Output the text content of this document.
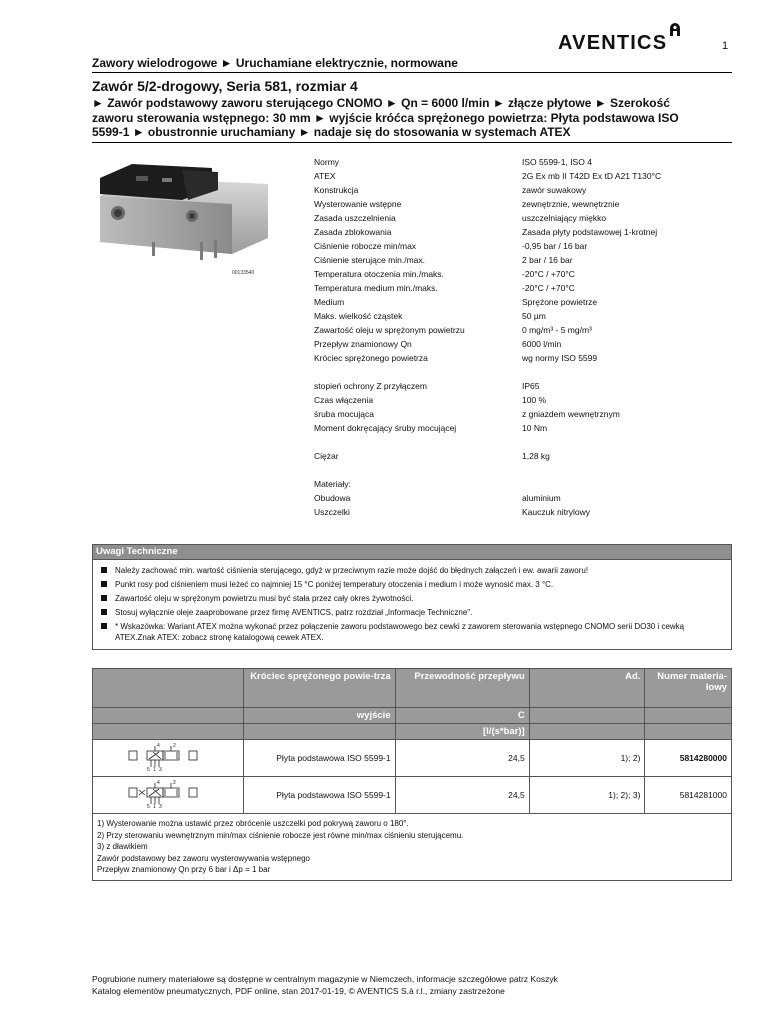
AVENTICS	1
Zawory wielodrogowe ► Uruchamiane elektrycznie, normowane
Zawór 5/2-drogowy, Seria 581, rozmiar 4
► Zawór podstawowy zaworu sterującego CNOMO ► Qn = 6000 l/min ► złącze płytowe ► Szerokość zaworu sterowania wstępnego: 30 mm ► wyjście króćca sprężonego powietrza: Płyta podstawowa ISO 5599-1 ► obustronnie uruchamiany ► nadaje się do stosowania w systemach ATEX
00133540
Normy	ISO 5599-1, ISO 4
ATEX	2G Ex mb II T42D Ex tD A21 T130°C
Konstrukcja	zawór suwakowy
Wysterowanie wstępne	zewnętrznie, wewnętrznie
Zasada uszczelnienia	uszczelniający miękko
Zasada zblokowania	Zasada płyty podstawowej 1-krotnej
Ciśnienie robocze min/max	-0,95 bar / 16 bar
Ciśnienie sterujące min./max.	2 bar / 16 bar
Temperatura otoczenia min./maks.	-20°C / +70°C
Temperatura medium min./maks.	-20°C / +70°C
Medium	Sprężone powietrze
Maks. wielkość cząstek	50 µm
Zawartość oleju w sprężonym powietrzu	0 mg/m³ - 5 mg/m³
Przepływ znamionowy Qn	6000 l/min
Króciec sprężonego powietrza	wg normy ISO 5599
stopień ochrony Z przyłączem	IP65
Czas włączenia	100 %
śruba mocująca	z gniazdem wewnętrznym
Moment dokręcający śruby mocującej	10 Nm
Ciężar	1,28 kg
Materiały:
Obudowa	aluminium
Uszczelki	Kauczuk nitrylowy
Uwagi Techniczne
Należy zachować min. wartość ciśnienia sterującego, gdyż w przeciwnym razie może dojść do błędnych załączeń i ew. awarii zaworu!
Punkt rosy pod ciśnieniem musi leżeć co najmniej 15 °C poniżej temperatury otoczenia i medium i może wynosić max. 3 °C.
Zawartość oleju w sprężonym powietrzu musi być stała przez cały okres żywotności.
Stosuj wyłącznie oleje zaaprobowane przez firmę AVENTICS, patrz rozdział „Informacje Techniczne".
* Wskazówka: Wariant ATEX można wykonać przez połączenie zaworu podstawowego bez cewki z zaworem sterowania wstępnego CNOMO serii DO30 i cewką ATEX.Znak ATEX: zobacz stronę katalogową cewek ATEX.
	Króciec sprężonego powie-trza	Przewodność przepływu	Ad.	Numer materia-łowy
	wyjście	C		
		[l/(s*bar)]		

4 2
5 1 3	Płyta podstawowa ISO 5599-1	24,5	1); 2)	5814280000

4 2
5 1 3	Płyta podstawowa ISO 5599-1	24,5	1); 2); 3)	5814281000

1) Wysterowanie można ustawić przez obrócenie uszczelki pod pokrywą zaworu o 180°.
2) Przy sterowaniu wewnętrznym min/max ciśnienie robocze jest równe min/max ciśnieniu sterującemu.
3) z dławikiem
Zawór podstawowy bez zaworu wysterowywania wstępnego
Przepływ znamionowy Qn przy 6 bar i Δp = 1 bar				
Pogrubione numery materiałowe są dostępne w centralnym magazynie w Niemczech, informacje szczegółowe patrz Koszyk
Katalog elementów pneumatycznych, PDF online, stan 2017-01-19, © AVENTICS S.à r.l., zmiany zastrzeżone
